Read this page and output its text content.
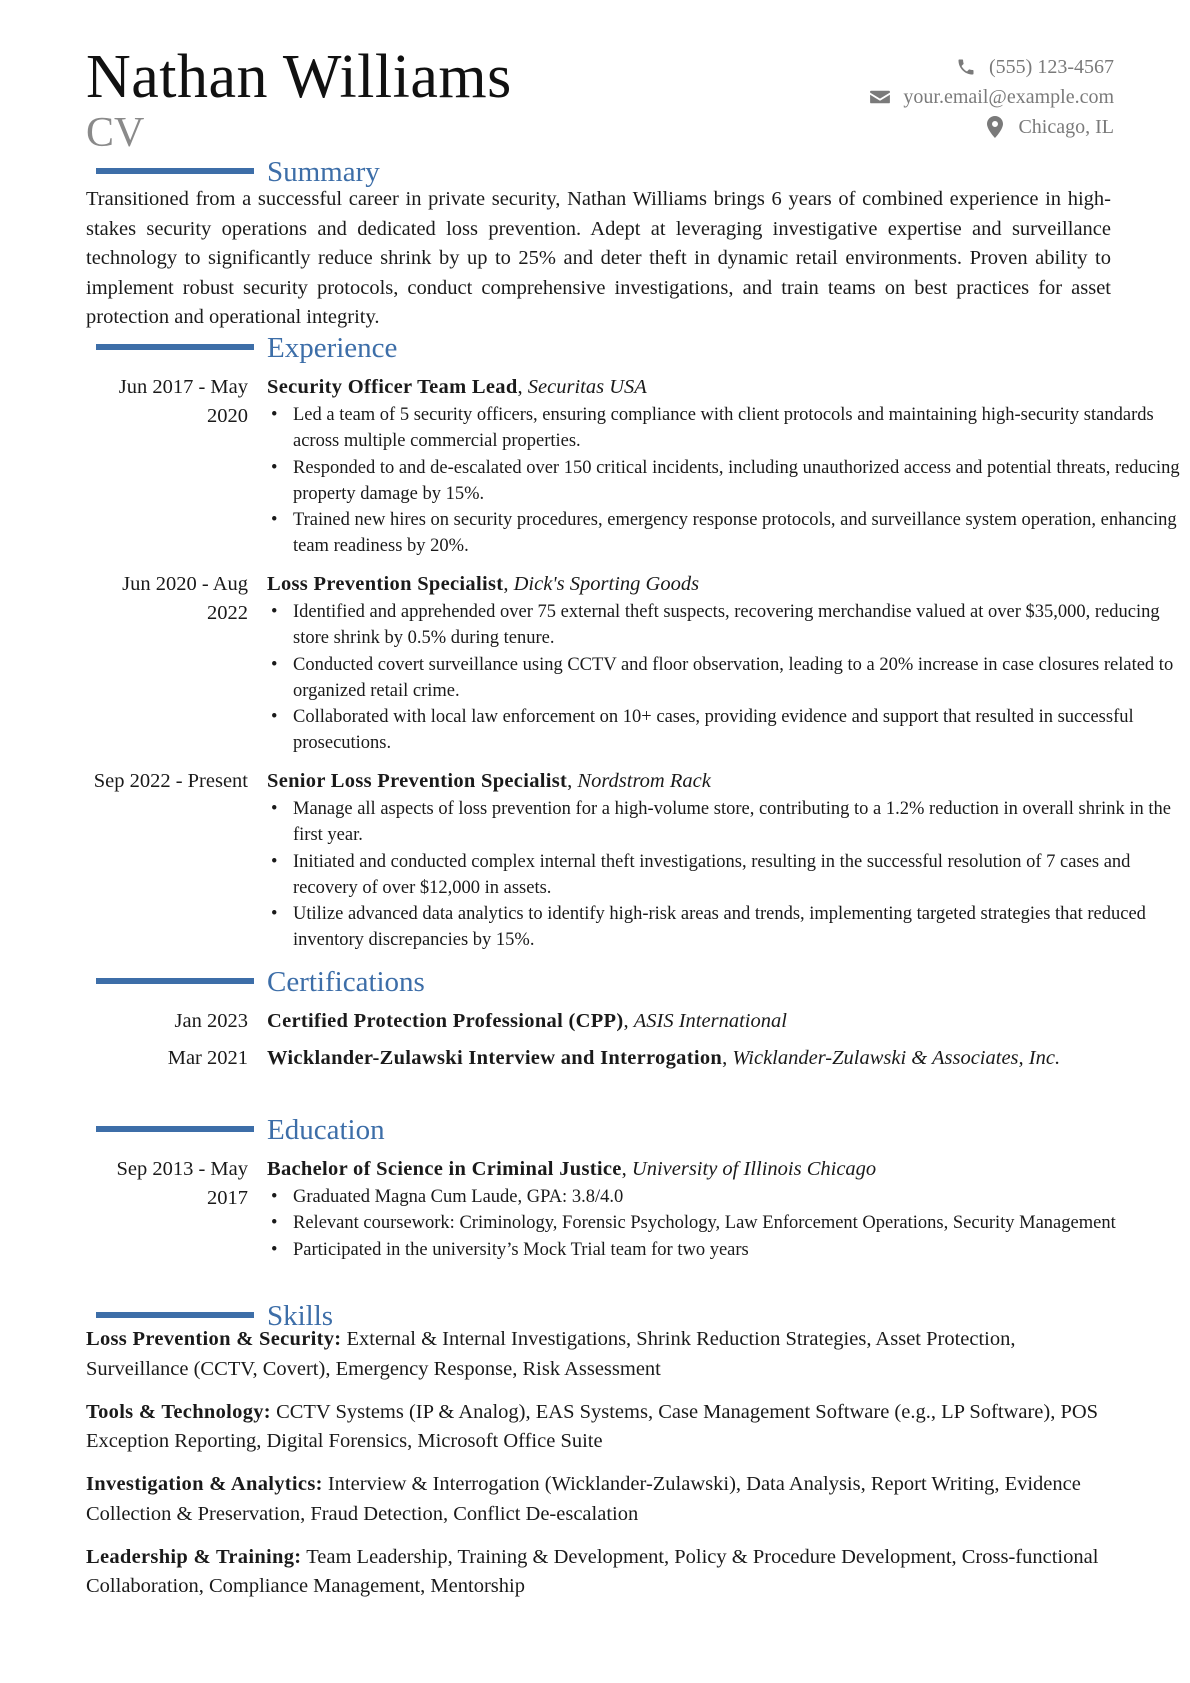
Nathan Williams
CV
(555) 123-4567
your.email@example.com
Chicago, IL
Summary

Transitioned from a successful career in private security, Nathan Williams brings 6 years of combined experience in high-stakes security operations and dedicated loss prevention. Adept at leveraging investigative expertise and surveillance technology to significantly reduce shrink by up to 25% and deter theft in dynamic retail environments. Proven ability to implement robust security protocols, conduct comprehensive investigations, and train teams on best practices for asset protection and operational integrity.

Experience
Jun 2017 - May 2020
Security Officer Team Lead, Securitas USA
• Led a team of 5 security officers, ensuring compliance with client protocols and maintaining high-security standards across multiple commercial properties.
• Responded to and de-escalated over 150 critical incidents, including unauthorized access and potential threats, reducing property damage by 15%.
• Trained new hires on security procedures, emergency response protocols, and surveillance system operation, enhancing team readiness by 20%.
Jun 2020 - Aug 2022
Loss Prevention Specialist, Dick's Sporting Goods
• Identified and apprehended over 75 external theft suspects, recovering merchandise valued at over $35,000, reducing store shrink by 0.5% during tenure.
• Conducted covert surveillance using CCTV and floor observation, leading to a 20% increase in case closures related to organized retail crime.
• Collaborated with local law enforcement on 10+ cases, providing evidence and support that resulted in successful prosecutions.
Sep 2022 - Present Senior Loss Prevention Specialist, Nordstrom Rack
• Manage all aspects of loss prevention for a high-volume store, contributing to a 1.2% reduction in overall shrink in the first year.
• Initiated and conducted complex internal theft investigations, resulting in the successful resolution of 7 cases and recovery of over $12,000 in assets.
• Utilize advanced data analytics to identify high-risk areas and trends, implementing targeted strategies that reduced inventory discrepancies by 15%.
Certifications
Jan 2023 Certified Protection Professional (CPP), ASIS International
Mar 2021 Wicklander-Zulawski Interview and Interrogation, Wicklander-Zulawski & Associates, Inc.
Education
Sep 2013 - May 2017
Bachelor of Science in Criminal Justice, University of Illinois Chicago
• Graduated Magna Cum Laude, GPA: 3.8/4.0
• Relevant coursework: Criminology, Forensic Psychology, Law Enforcement Operations, Security Management
• Participated in the university’s Mock Trial team for two years
Skills
Loss Prevention & Security: External & Internal Investigations, Shrink Reduction Strategies, Asset Protection, Surveillance (CCTV, Covert), Emergency Response, Risk Assessment
Tools & Technology: CCTV Systems (IP & Analog), EAS Systems, Case Management Software (e.g., LP Software), POS Exception Reporting, Digital Forensics, Microsoft Office Suite
Investigation & Analytics: Interview & Interrogation (Wicklander-Zulawski), Data Analysis, Report Writing, Evidence Collection & Preservation, Fraud Detection, Conflict De-escalation
Leadership & Training: Team Leadership, Training & Development, Policy & Procedure Development, Cross-functional Collaboration, Compliance Management, Mentorship
